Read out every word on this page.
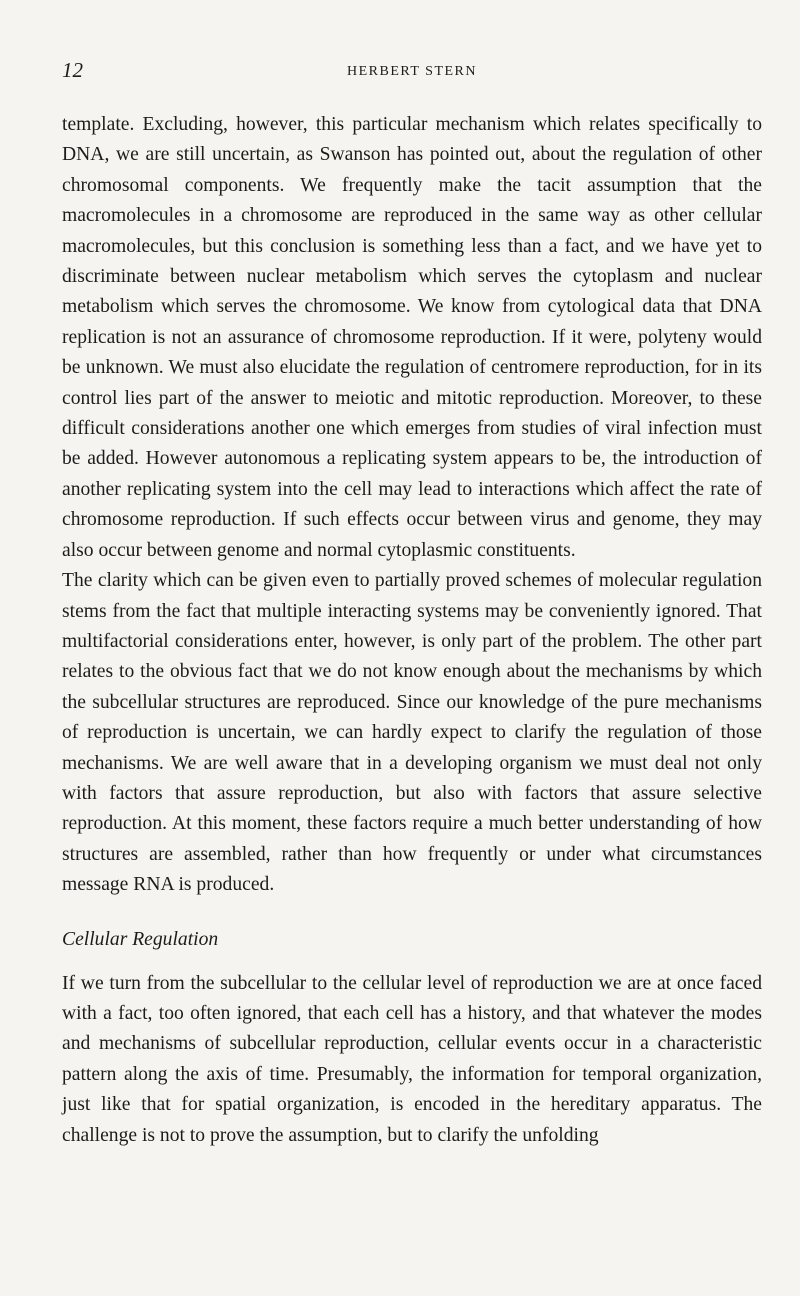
12	HERBERT STERN

template. Excluding, however, this particular mechanism which relates specifically to DNA, we are still uncertain, as Swanson has pointed out, about the regulation of other chromosomal components. We frequently make the tacit assumption that the macromolecules in a chromosome are reproduced in the same way as other cellular macromolecules, but this conclusion is something less than a fact, and we have yet to discriminate between nuclear metabolism which serves the cytoplasm and nuclear metabolism which serves the chromosome. We know from cytological data that DNA replication is not an assurance of chromosome reproduction. If it were, polyteny would be unknown. We must also elucidate the regulation of centromere reproduction, for in its control lies part of the answer to meiotic and mitotic reproduction. Moreover, to these difficult considerations another one which emerges from studies of viral infection must be added. However autonomous a replicating system appears to be, the introduction of another replicating system into the cell may lead to interactions which affect the rate of chromosome reproduction. If such effects occur between virus and genome, they may also occur between genome and normal cytoplasmic constituents.

The clarity which can be given even to partially proved schemes of molecular regulation stems from the fact that multiple interacting systems may be conveniently ignored. That multifactorial considerations enter, however, is only part of the problem. The other part relates to the obvious fact that we do not know enough about the mechanisms by which the subcellular structures are reproduced. Since our knowledge of the pure mechanisms of reproduction is uncertain, we can hardly expect to clarify the regulation of those mechanisms. We are well aware that in a developing organism we must deal not only with factors that assure reproduction, but also with factors that assure selective reproduction. At this moment, these factors require a much better understanding of how structures are assembled, rather than how frequently or under what circumstances message RNA is produced.

Cellular Regulation

If we turn from the subcellular to the cellular level of reproduction we are at once faced with a fact, too often ignored, that each cell has a history, and that whatever the modes and mechanisms of subcellular reproduction, cellular events occur in a characteristic pattern along the axis of time. Presumably, the information for temporal organization, just like that for spatial organization, is encoded in the hereditary apparatus. The challenge is not to prove the assumption, but to clarify the unfolding
